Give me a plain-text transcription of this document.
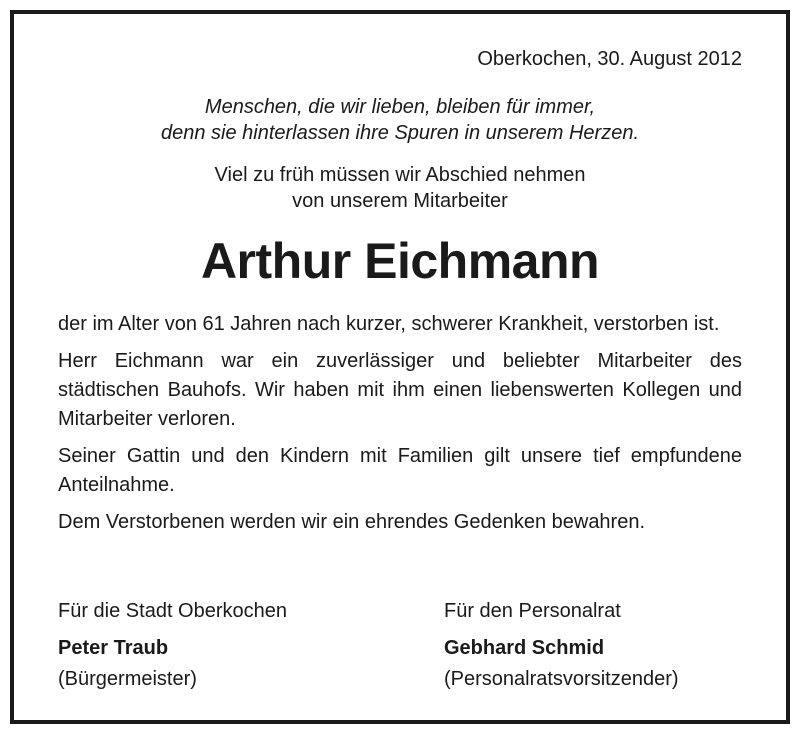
Oberkochen, 30. August 2012
Menschen, die wir lieben, bleiben für immer,
denn sie hinterlassen ihre Spuren in unserem Herzen.
Viel zu früh müssen wir Abschied nehmen
von unserem Mitarbeiter
Arthur Eichmann

der im Alter von 61 Jahren nach kurzer, schwerer Krankheit, verstorben ist.

Herr Eichmann war ein zuverlässiger und beliebter Mitarbeiter des städtischen Bauhofs. Wir haben mit ihm einen liebenswerten Kollegen und Mitarbeiter verloren.

Seiner Gattin und den Kindern mit Familien gilt unsere tief empfundene Anteilnahme.

Dem Verstorbenen werden wir ein ehrendes Gedenken bewahren.

Für die Stadt Oberkochen
Peter Traub
(Bürgermeister)
Für den Personalrat
Gebhard Schmid
(Personalratsvorsitzender)
